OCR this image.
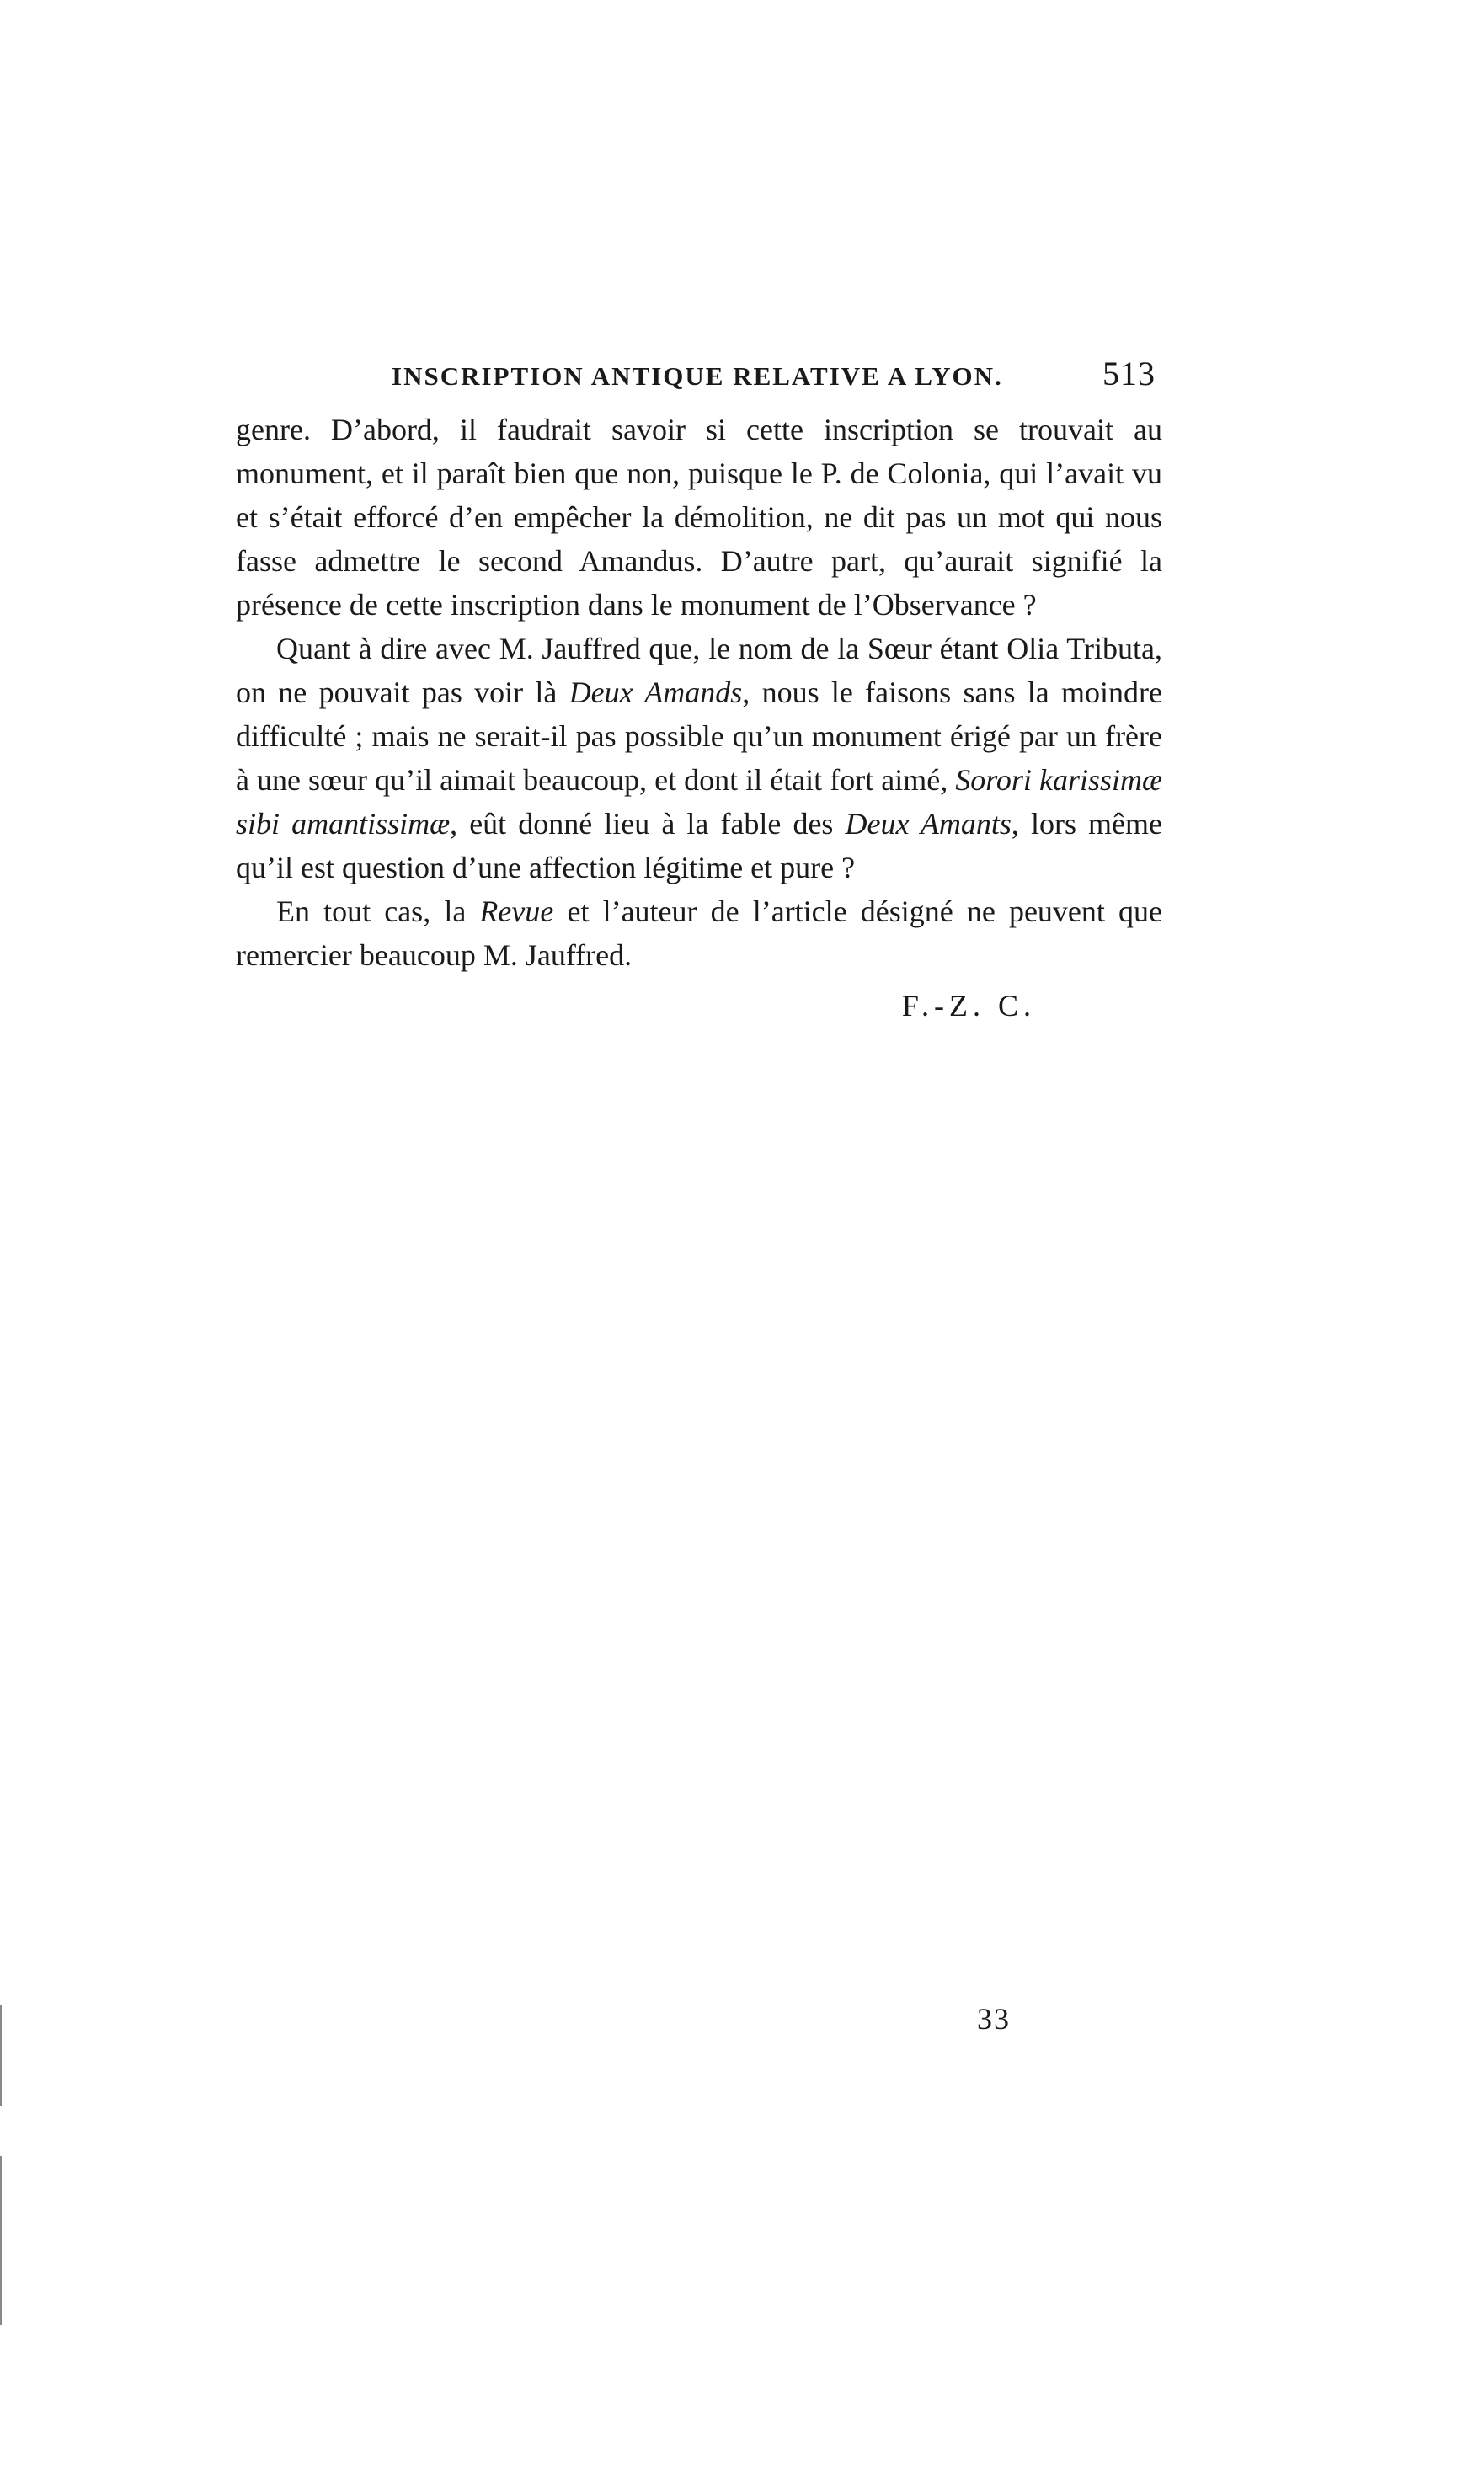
INSCRIPTION ANTIQUE RELATIVE A LYON.	513

genre. D’abord, il faudrait savoir si cette inscription se trouvait au monument, et il paraît bien que non, puisque le P. de Colonia, qui l’avait vu et s’était efforcé d’en empêcher la démolition, ne dit pas un mot qui nous fasse admettre le second Amandus. D’autre part, qu’aurait signifié la présence de cette inscription dans le monument de l’Observance ?

Quant à dire avec M. Jauffred que, le nom de la Sœur étant Olia Tributa, on ne pouvait pas voir là Deux Amands, nous le faisons sans la moindre difficulté ; mais ne serait-il pas possible qu’un monument érigé par un frère à une sœur qu’il aimait beaucoup, et dont il était fort aimé, Sorori karissimæ sibi amantissimæ, eût donné lieu à la fable des Deux Amants, lors même qu’il est question d’une affection légitime et pure ?

En tout cas, la Revue et l’auteur de l’article désigné ne peuvent que remercier beaucoup M. Jauffred.

F.-Z. C.
33
